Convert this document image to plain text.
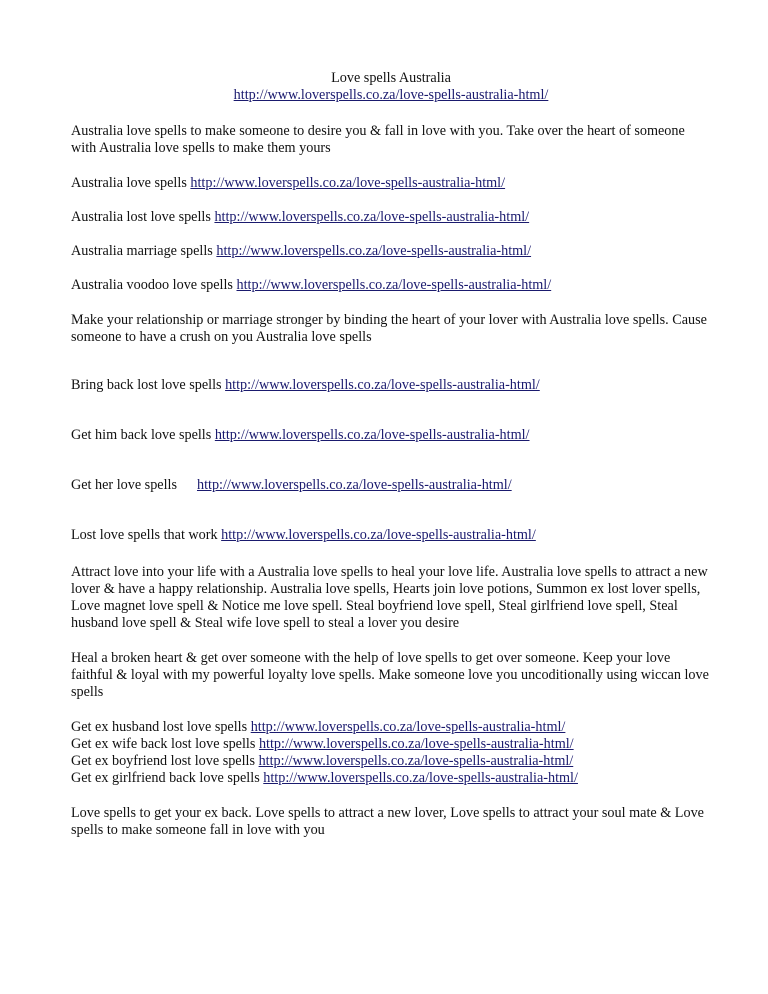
Love spells Australia

http://www.loverspells.co.za/love-spells-australia-html/

Australia love spells to make someone to desire you & fall in love with you. Take over the heart of someone with Australia love spells to make them yours

Australia love spells http://www.loverspells.co.za/love-spells-australia-html/

Australia lost love spells http://www.loverspells.co.za/love-spells-australia-html/

Australia marriage spells http://www.loverspells.co.za/love-spells-australia-html/

Australia voodoo love spells http://www.loverspells.co.za/love-spells-australia-html/

Make your relationship or marriage stronger by binding the heart of your lover with Australia love spells. Cause someone to have a crush on you Australia love spells

Bring back lost love spells http://www.loverspells.co.za/love-spells-australia-html/

Get him back love spells http://www.loverspells.co.za/love-spells-australia-html/

Get her love spells http://www.loverspells.co.za/love-spells-australia-html/

Lost love spells that work http://www.loverspells.co.za/love-spells-australia-html/

Attract love into your life with a Australia love spells to heal your love life. Australia love spells to attract a new lover & have a happy relationship. Australia love spells, Hearts join love potions, Summon ex lost lover spells, Love magnet love spell & Notice me love spell. Steal boyfriend love spell, Steal girlfriend love spell, Steal husband love spell & Steal wife love spell to steal a lover you desire

Heal a broken heart & get over someone with the help of love spells to get over someone. Keep your love faithful & loyal with my powerful loyalty love spells. Make someone love you uncoditionally using wiccan love spells

Get ex husband lost love spells http://www.loverspells.co.za/love-spells-australia-html/

Get ex wife back lost love spells http://www.loverspells.co.za/love-spells-australia-html/

Get ex boyfriend lost love spells http://www.loverspells.co.za/love-spells-australia-html/

Get ex girlfriend back love spells http://www.loverspells.co.za/love-spells-australia-html/

Love spells to get your ex back. Love spells to attract a new lover, Love spells to attract your soul mate & Love spells to make someone fall in love with you
